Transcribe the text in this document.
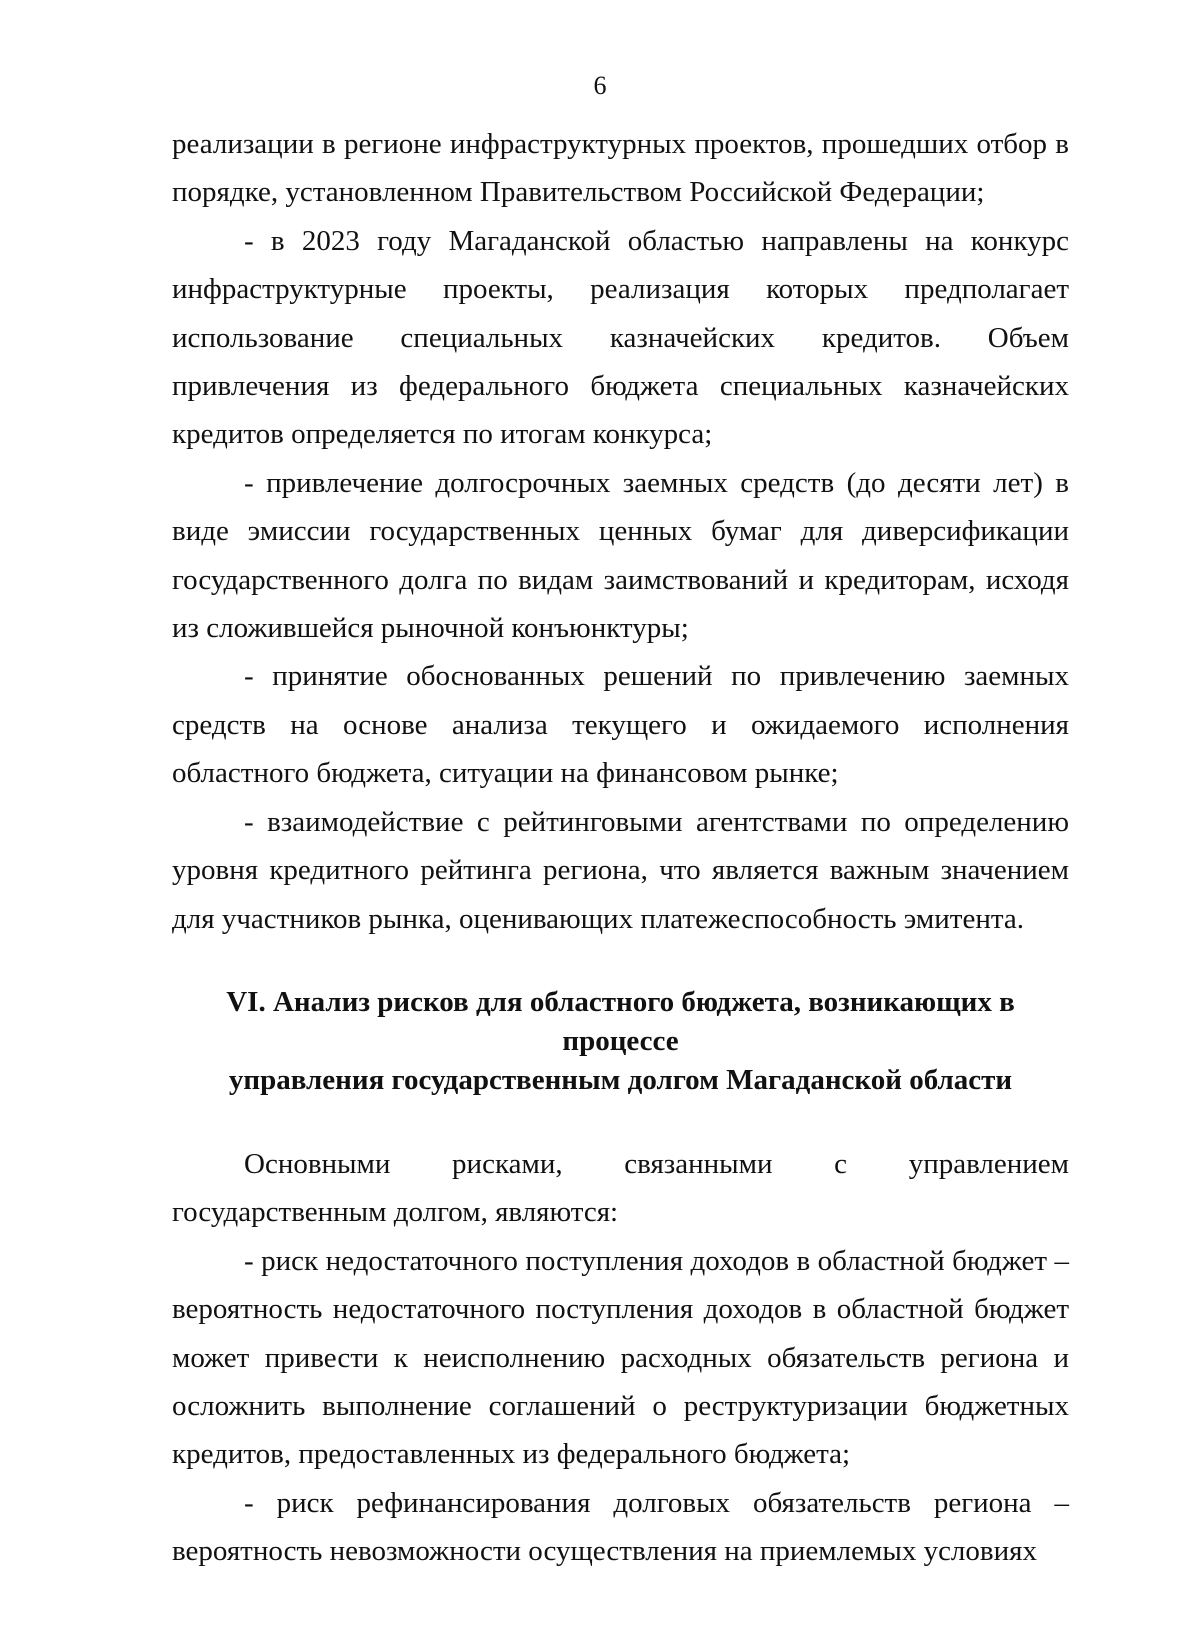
6

реализации в регионе инфраструктурных проектов, прошедших отбор в порядке, установленном Правительством Российской Федерации;

- в 2023 году Магаданской областью направлены на конкурс инфраструктурные проекты, реализация которых предполагает использование специальных казначейских кредитов. Объем привлечения из федерального бюджета специальных казначейских кредитов определяется по итогам конкурса;

- привлечение долгосрочных заемных средств (до десяти лет) в виде эмиссии государственных ценных бумаг для диверсификации государственного долга по видам заимствований и кредиторам, исходя из сложившейся рыночной конъюнктуры;

- принятие обоснованных решений по привлечению заемных средств на основе анализа текущего и ожидаемого исполнения областного бюджета, ситуации на финансовом рынке;

- взаимодействие с рейтинговыми агентствами по определению уровня кредитного рейтинга региона, что является важным значением для участников рынка, оценивающих платежеспособность эмитента.

VI. Анализ рисков для областного бюджета, возникающих в процессе
управления государственным долгом Магаданской области

Основными рисками, связанными с управлением государственным долгом, являются:

- риск недостаточного поступления доходов в областной бюджет – вероятность недостаточного поступления доходов в областной бюджет может привести к неисполнению расходных обязательств региона и осложнить выполнение соглашений о реструктуризации бюджетных кредитов, предоставленных из федерального бюджета;

- риск рефинансирования долговых обязательств региона – вероятность невозможности осуществления на приемлемых условиях
